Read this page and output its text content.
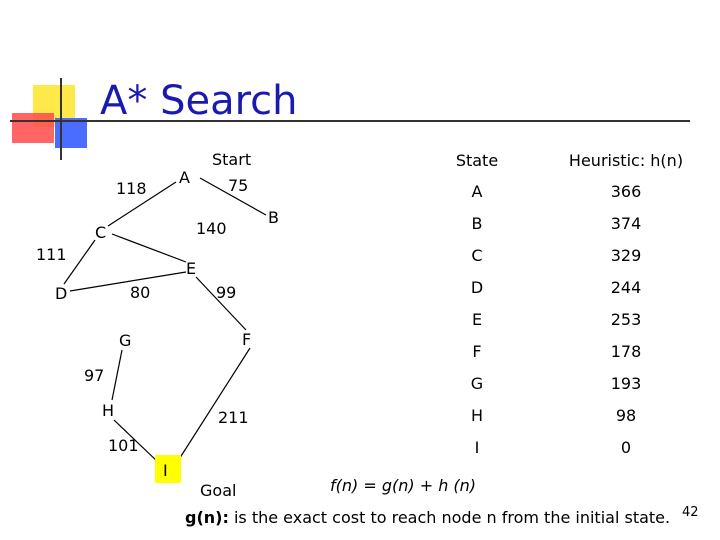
A* Search
118	75
140
111
80	99
97
211
101
Start
Goal
A
B
C
D
E
F
G
H
I
State	Heuristic: h(n)
A	366
B	374
C	329
D	244
E	253
F	178
G	193
H	98
I	0
f(n) = g(n) + h (n)
g(n): is the exact cost to reach node n from the initial state. 42
